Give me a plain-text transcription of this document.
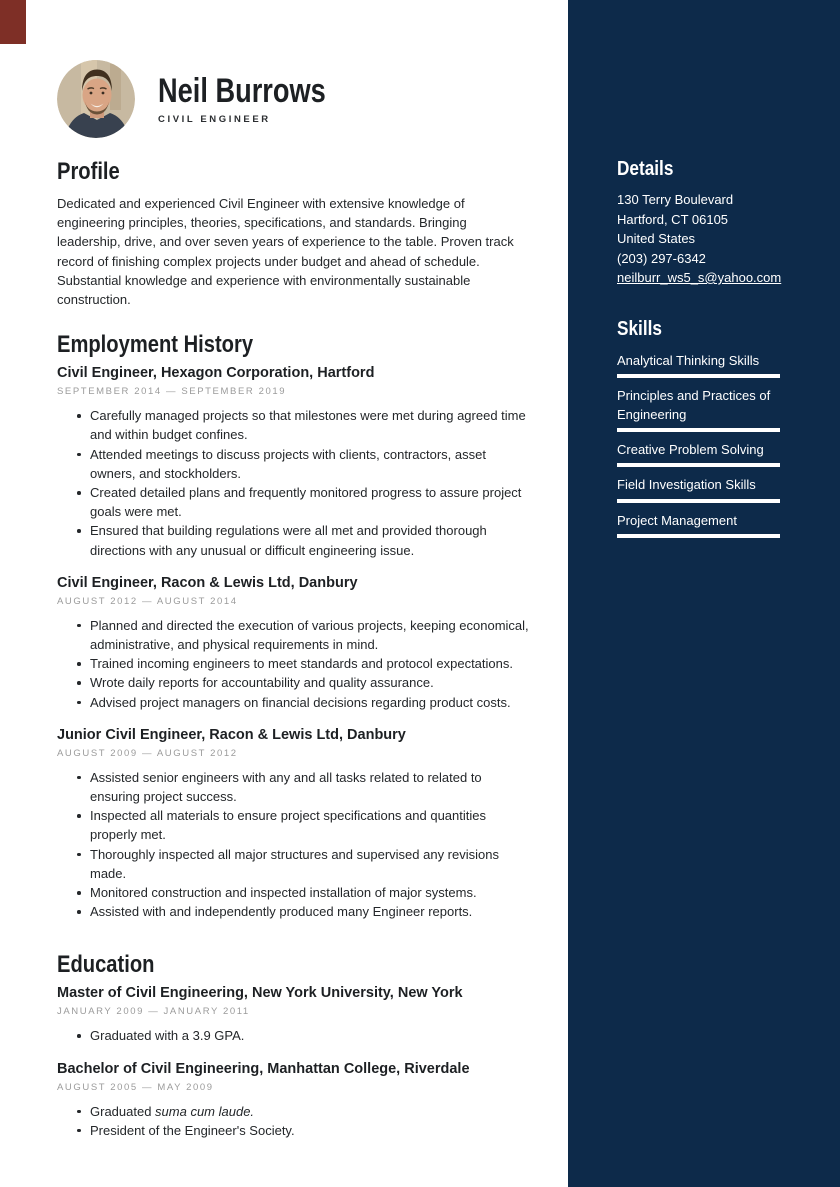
Neil Burrows
CIVIL ENGINEER
Profile

Dedicated and experienced Civil Engineer with extensive knowledge of engineering principles, theories, specifications, and standards. Bringing leadership, drive, and over seven years of experience to the table. Proven track record of finishing complex projects under budget and ahead of schedule. Substantial knowledge and experience with environmentally sustainable construction.

Employment History
Civil Engineer, Hexagon Corporation, Hartford
SEPTEMBER 2014 — SEPTEMBER 2019
Carefully managed projects so that milestones were met during agreed time and within budget confines.
Attended meetings to discuss projects with clients, contractors, asset owners, and stockholders.
Created detailed plans and frequently monitored progress to assure project goals were met.
Ensured that building regulations were all met and provided thorough directions with any unusual or difficult engineering issue.
Civil Engineer, Racon & Lewis Ltd, Danbury
AUGUST 2012 — AUGUST 2014
Planned and directed the execution of various projects, keeping economical, administrative, and physical requirements in mind.
Trained incoming engineers to meet standards and protocol expectations.
Wrote daily reports for accountability and quality assurance.
Advised project managers on financial decisions regarding product costs.
Junior Civil Engineer, Racon & Lewis Ltd, Danbury
AUGUST 2009 — AUGUST 2012
Assisted senior engineers with any and all tasks related to related to ensuring project success.
Inspected all materials to ensure project specifications and quantities properly met.
Thoroughly inspected all major structures and supervised any revisions made.
Monitored construction and inspected installation of major systems.
Assisted with and independently produced many Engineer reports.
Education
Master of Civil Engineering, New York University, New York
JANUARY 2009 — JANUARY 2011
Graduated with a 3.9 GPA.
Bachelor of Civil Engineering, Manhattan College, Riverdale
AUGUST 2005 — MAY 2009
Graduated suma cum laude.
President of the Engineer's Society.
Details
130 Terry Boulevard
Hartford, CT 06105
United States
(203) 297-6342
neilburr_ws5_s@yahoo.com
Skills
Analytical Thinking Skills
Principles and Practices of Engineering
Creative Problem Solving
Field Investigation Skills
Project Management
